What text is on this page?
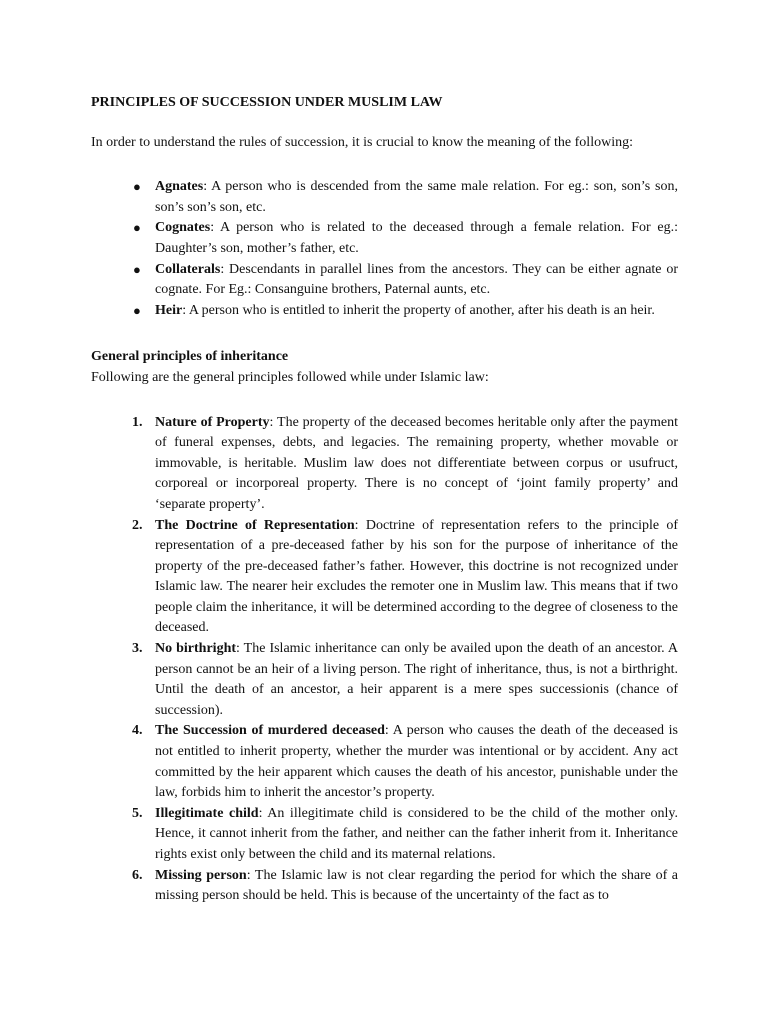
PRINCIPLES OF SUCCESSION UNDER MUSLIM LAW

In order to understand the rules of succession, it is crucial to know the meaning of the following:

● Agnates: A person who is descended from the same male relation. For eg.: son, son’s son, son’s son’s son, etc.
● Cognates: A person who is related to the deceased through a female relation. For eg.: Daughter’s son, mother’s father, etc.
● Collaterals: Descendants in parallel lines from the ancestors. They can be either agnate or cognate. For Eg.: Consanguine brothers, Paternal aunts, etc.
● Heir: A person who is entitled to inherit the property of another, after his death is an heir.

General principles of inheritance

Following are the general principles followed while under Islamic law:

1. Nature of Property: The property of the deceased becomes heritable only after the payment of funeral expenses, debts, and legacies. The remaining property, whether movable or immovable, is heritable. Muslim law does not differentiate between corpus or usufruct, corporeal or incorporeal property. There is no concept of ‘joint family property’ and ‘separate property’.
2. The Doctrine of Representation: Doctrine of representation refers to the principle of representation of a pre-deceased father by his son for the purpose of inheritance of the property of the pre-deceased father’s father. However, this doctrine is not recognized under Islamic law. The nearer heir excludes the remoter one in Muslim law. This means that if two people claim the inheritance, it will be determined according to the degree of closeness to the deceased.
3. No birthright: The Islamic inheritance can only be availed upon the death of an ancestor. A person cannot be an heir of a living person. The right of inheritance, thus, is not a birthright. Until the death of an ancestor, a heir apparent is a mere spes successionis (chance of succession).
4. The Succession of murdered deceased: A person who causes the death of the deceased is not entitled to inherit property, whether the murder was intentional or by accident. Any act committed by the heir apparent which causes the death of his ancestor, punishable under the law, forbids him to inherit the ancestor’s property.
5. Illegitimate child: An illegitimate child is considered to be the child of the mother only. Hence, it cannot inherit from the father, and neither can the father inherit from it. Inheritance rights exist only between the child and its maternal relations.
6. Missing person: The Islamic law is not clear regarding the period for which the share of a missing person should be held. This is because of the uncertainty of the fact as to
